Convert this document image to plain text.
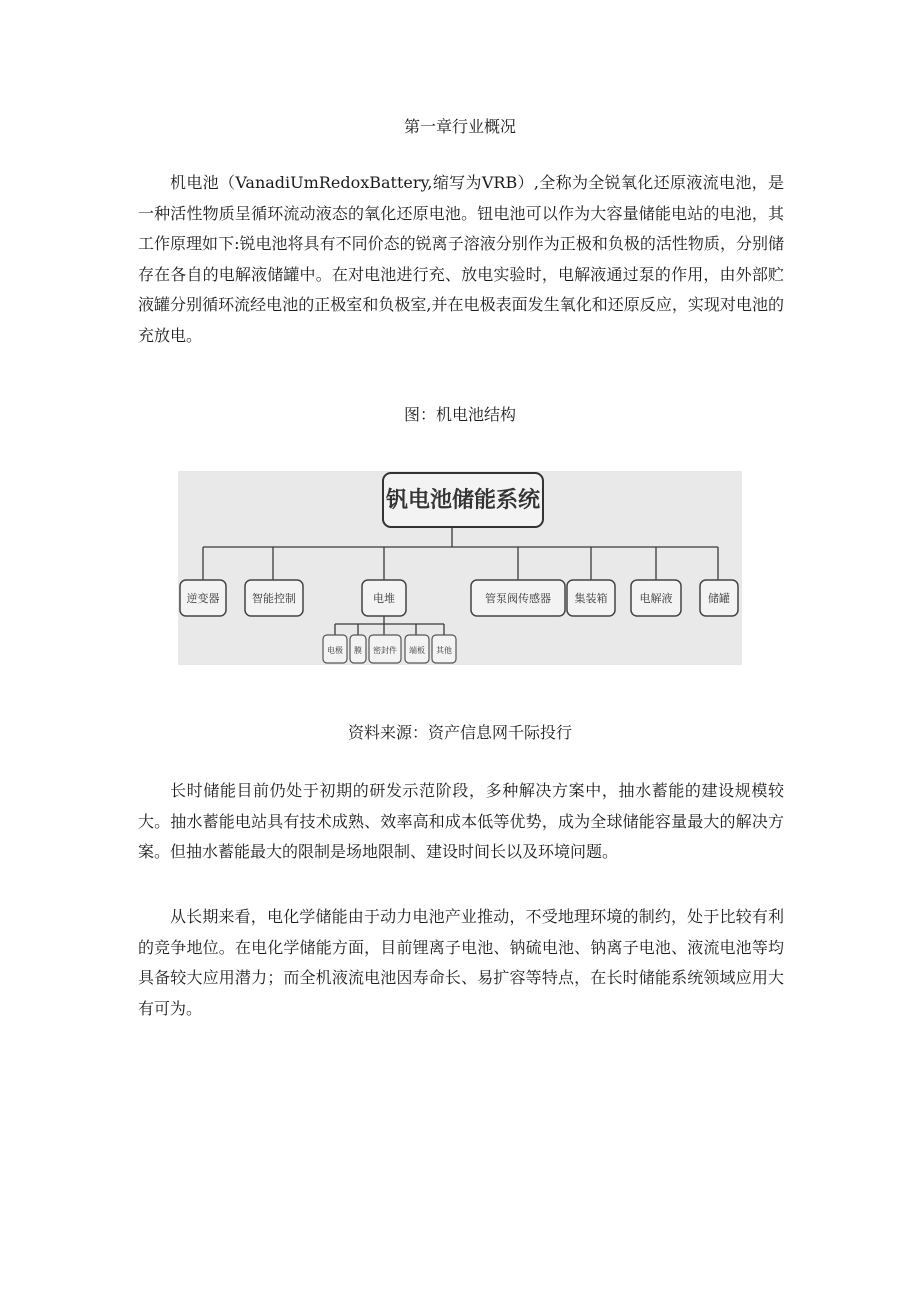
第一章行业概况

机电池（VanadiUmRedoxBattery,缩写为VRB）,全称为全锐氧化还原液流电池，是一种活性物质呈循环流动液态的氧化还原电池。钮电池可以作为大容量储能电站的电池，其工作原理如下:锐电池将具有不同价态的锐离子溶液分别作为正极和负极的活性物质，分别储存在各自的电解液储罐中。在对电池进行充、放电实验时，电解液通过泵的作用，由外部贮液罐分别循环流经电池的正极室和负极室,并在电极表面发生氧化和还原反应，实现对电池的充放电。

图：机电池结构
钒电池储能系统
逆变器	智能控制	电堆	管泵阀传感器 集装箱	电解液	储罐
电极 膜 密封件 端板 其他
资料来源：资产信息网千际投行

长时储能目前仍处于初期的研发示范阶段，多种解决方案中，抽水蓄能的建设规模较大。抽水蓄能电站具有技术成熟、效率高和成本低等优势，成为全球储能容量最大的解决方案。但抽水蓄能最大的限制是场地限制、建设时间长以及环境问题。

从长期来看，电化学储能由于动力电池产业推动，不受地理环境的制约，处于比较有利的竞争地位。在电化学储能方面，目前锂离子电池、钠硫电池、钠离子电池、液流电池等均具备较大应用潜力；而全机液流电池因寿命长、易扩容等特点，在长时储能系统领域应用大有可为。
